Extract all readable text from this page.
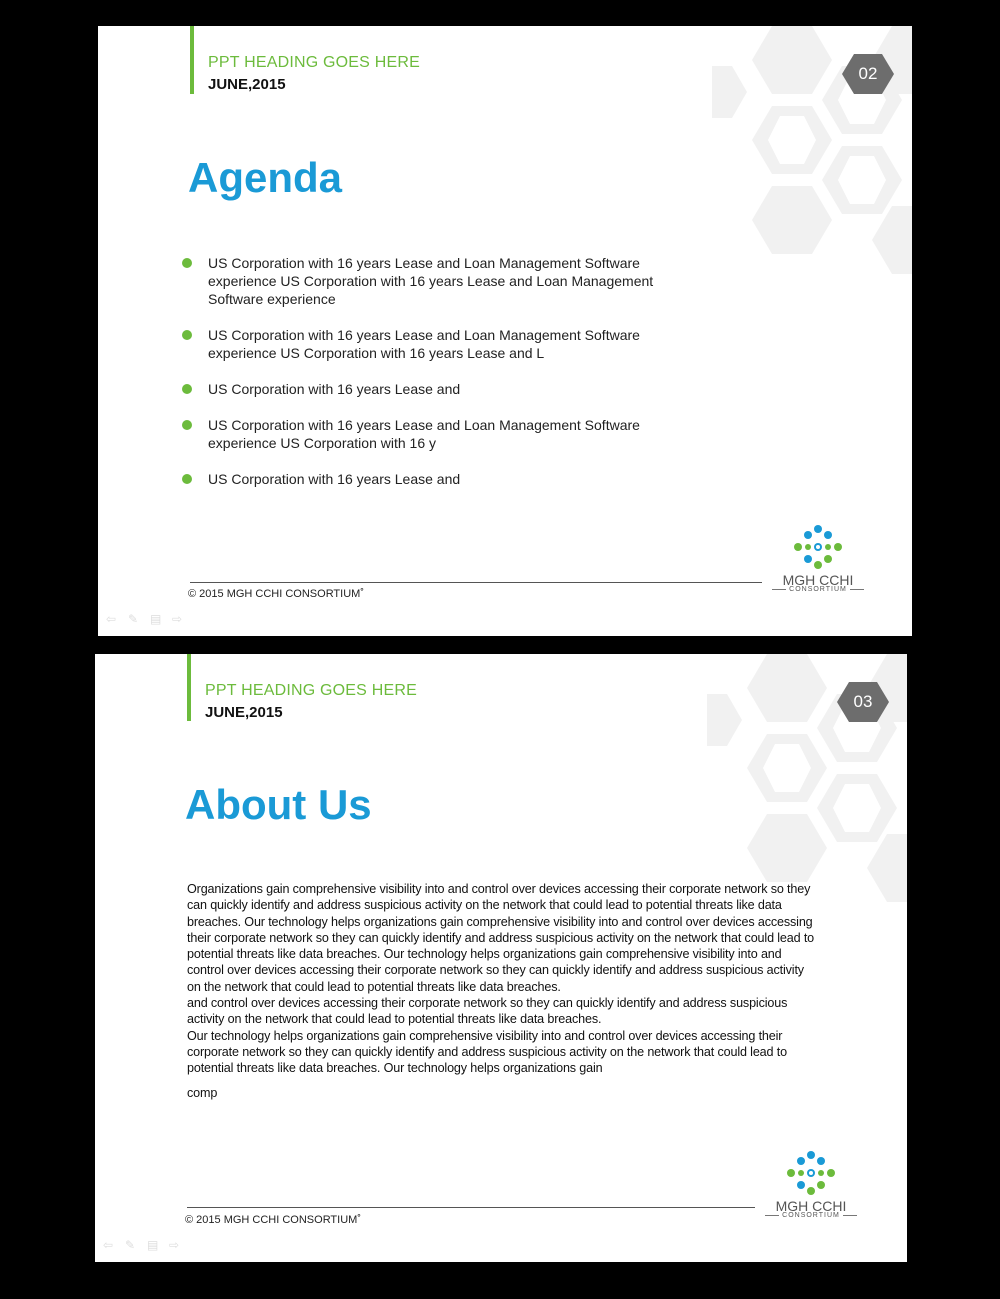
PPT HEADING GOES HERE
JUNE,2015
02
Agenda
US Corporation with 16 years Lease and Loan Management Software experience US Corporation with 16 years Lease and Loan Management Software experience
US Corporation with 16 years Lease and Loan Management Software experience US Corporation with 16 years Lease and L
US Corporation with 16 years Lease and
US Corporation with 16 years Lease and Loan Management Software experience US Corporation with 16 y
US Corporation with 16 years Lease and
MGH CCHI
CONSORTIUM
© 2015 MGH CCHI CONSORTIUM˚
⇦ ✎ ▤ ⇨
PPT HEADING GOES HERE
JUNE,2015
03
About Us

Organizations gain comprehensive visibility into and control over devices accessing their corporate network so they can quickly identify and address suspicious activity on the network that could lead to potential threats like data breaches. Our technology helps organizations gain comprehensive visibility into and control over devices accessing their corporate network so they can quickly identify and address suspicious activity on the network that could lead to potential threats like data breaches. Our technology helps organizations gain comprehensive visibility into and control over devices accessing their corporate network so they can quickly identify and address suspicious activity on the network that could lead to potential threats like data breaches.

and control over devices accessing their corporate network so they can quickly identify and address suspicious activity on the network that could lead to potential threats like data breaches.

Our technology helps organizations gain comprehensive visibility into and control over devices accessing their corporate network so they can quickly identify and address suspicious activity on the network that could lead to potential threats like data breaches. Our technology helps organizations gain

comp

MGH CCHI
CONSORTIUM
© 2015 MGH CCHI CONSORTIUM˚
⇦ ✎ ▤ ⇨
